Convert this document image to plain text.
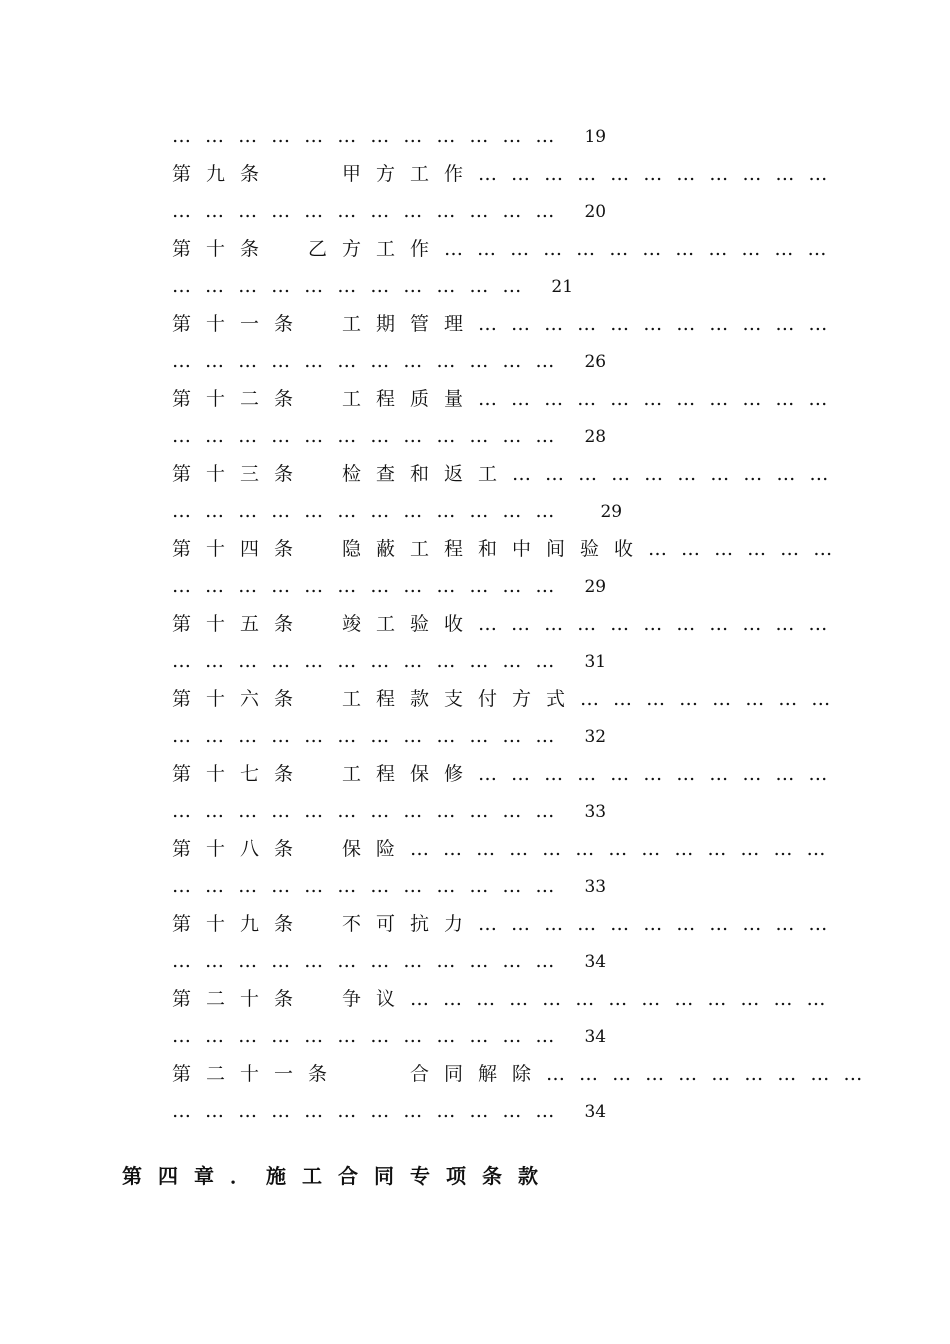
… … … … … … … … … … … … 19
第九条　　甲方工作… … … … … … … … … … …
… … … … … … … … … … … … 20
第十条　乙方工作… … … … … … … … … … … …
… … … … … … … … … … … 21
第十一条　工期管理… … … … … … … … … … …
… … … … … … … … … … … … 26
第十二条　工程质量… … … … … … … … … … …
… … … … … … … … … … … … 28
第十三条　检查和返工… … … … … … … … … …
… … … … … … … … … … … …	29
第十四条　隐蔽工程和中间验收… … … … … …
… … … … … … … … … … … … 29
第十五条　竣工验收… … … … … … … … … … …
… … … … … … … … … … … … 31
第十六条　工程款支付方式… … … … … … … …
… … … … … … … … … … … … 32
第十七条　工程保修… … … … … … … … … … …
… … … … … … … … … … … … 33
第十八条　保险… … … … … … … … … … … … …
… … … … … … … … … … … … 33
第十九条　不可抗力… … … … … … … … … … …
… … … … … … … … … … … … 34
第二十条　争议… … … … … … … … … … … … …
… … … … … … … … … … … … 34
第二十一条　　合同解除… … … … … … … … … …
… … … … … … … … … … … … 34
第四章．施工合同专项条款
